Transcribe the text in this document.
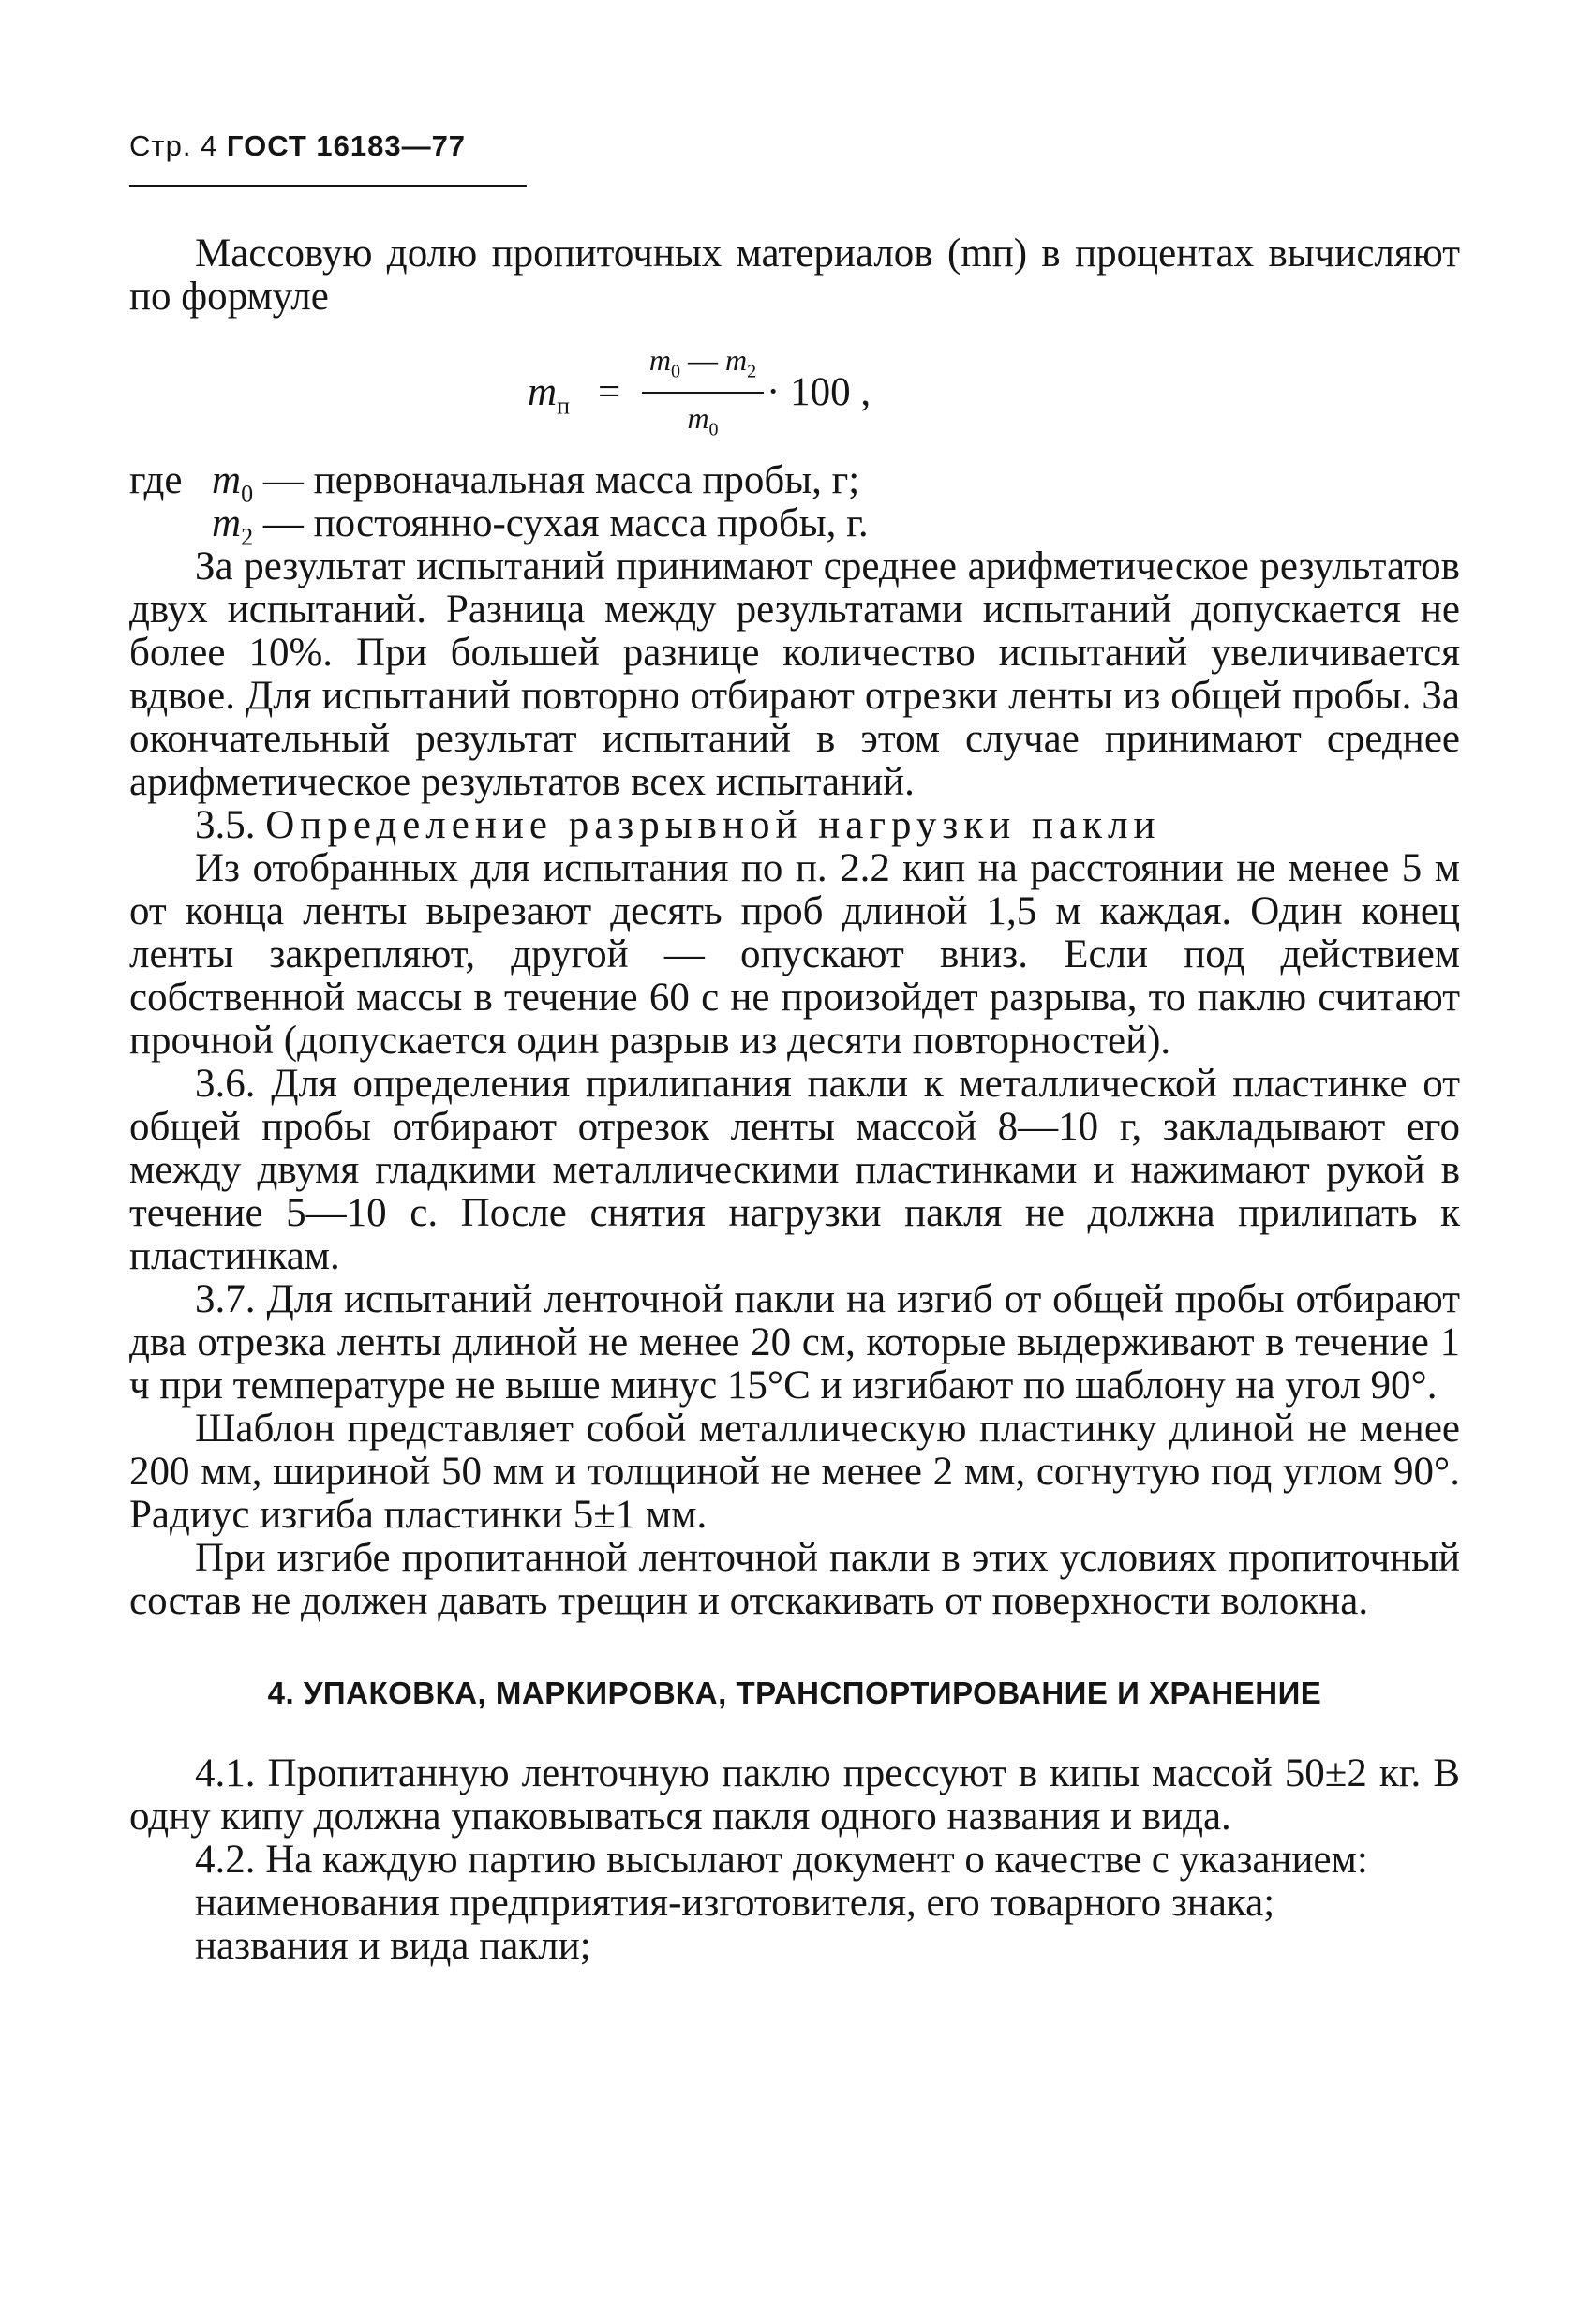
Стр. 4 ГОСТ 16183—77

Массовую долю пропиточных материалов (mп) в процентах вычисляют по формуле

$m_п$ =
$m_0$ — $m_2$
$m_0$
· 100 ,
где $m_0$ — первоначальная масса пробы, г;
$m_2$ — постоянно-сухая масса пробы, г.

За результат испытаний принимают среднее арифметическое результатов двух испытаний. Разница между результатами испытаний допускается не более 10%. При большей разнице количество испытаний увеличивается вдвое. Для испытаний повторно отбирают отрезки ленты из общей пробы. За окончательный результат испытаний в этом случае принимают среднее арифметическое результатов всех испытаний.

3.5. Определение разрывной нагрузки пакли

Из отобранных для испытания по п. 2.2 кип на расстоянии не менее 5 м от конца ленты вырезают десять проб длиной 1,5 м каждая. Один конец ленты закрепляют, другой — опускают вниз. Если под действием собственной массы в течение 60 с не произойдет разрыва, то паклю считают прочной (допускается один разрыв из десяти повторностей).

3.6. Для определения прилипания пакли к металлической пластинке от общей пробы отбирают отрезок ленты массой 8—10 г, закладывают его между двумя гладкими металлическими пластинками и нажимают рукой в течение 5—10 с. После снятия нагрузки пакля не должна прилипать к пластинкам.

3.7. Для испытаний ленточной пакли на изгиб от общей пробы отбирают два отрезка ленты длиной не менее 20 см, которые выдерживают в течение 1 ч при температуре не выше минус 15°С и изгибают по шаблону на угол 90°.

Шаблон представляет собой металлическую пластинку длиной не менее 200 мм, шириной 50 мм и толщиной не менее 2 мм, согнутую под углом 90°. Радиус изгиба пластинки 5±1 мм.

При изгибе пропитанной ленточной пакли в этих условиях пропиточный состав не должен давать трещин и отскакивать от поверхности волокна.

4. УПАКОВКА, МАРКИРОВКА, ТРАНСПОРТИРОВАНИЕ И ХРАНЕНИЕ

4.1. Пропитанную ленточную паклю прессуют в кипы массой 50±2 кг. В одну кипу должна упаковываться пакля одного названия и вида.

4.2. На каждую партию высылают документ о качестве с указанием:

наименования предприятия-изготовителя, его товарного знака;

названия и вида пакли;
